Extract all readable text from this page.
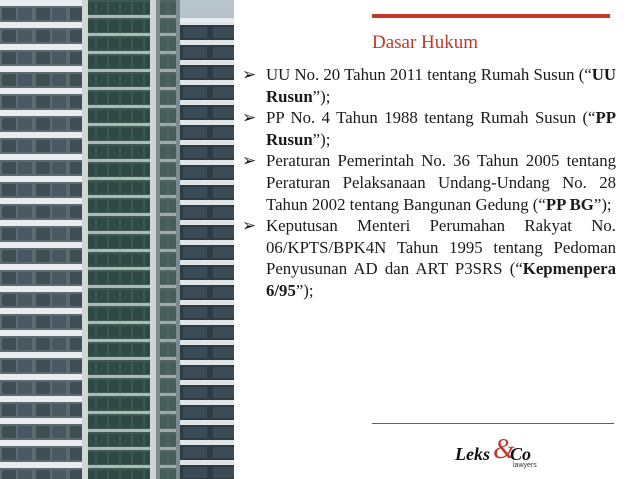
Dasar Hukum
➢ UU No. 20 Tahun 2011 tentang Rumah Susun (“UU Rusun”);
➢ PP No. 4 Tahun 1988 tentang Rumah Susun (“PP Rusun”);
➢ Peraturan Pemerintah No. 36 Tahun 2005 tentang Peraturan Pelaksanaan Undang-Undang No. 28 Tahun 2002 tentang Bangunan Gedung (“PP BG”);
➢ Keputusan Menteri Perumahan Rakyat No. 06/KPTS/BPK4N Tahun 1995 tentang Pedoman Penyusunan AD dan ART P3SRS (“Kepmenpera 6/95”);
Leks &
Co
lawyers
